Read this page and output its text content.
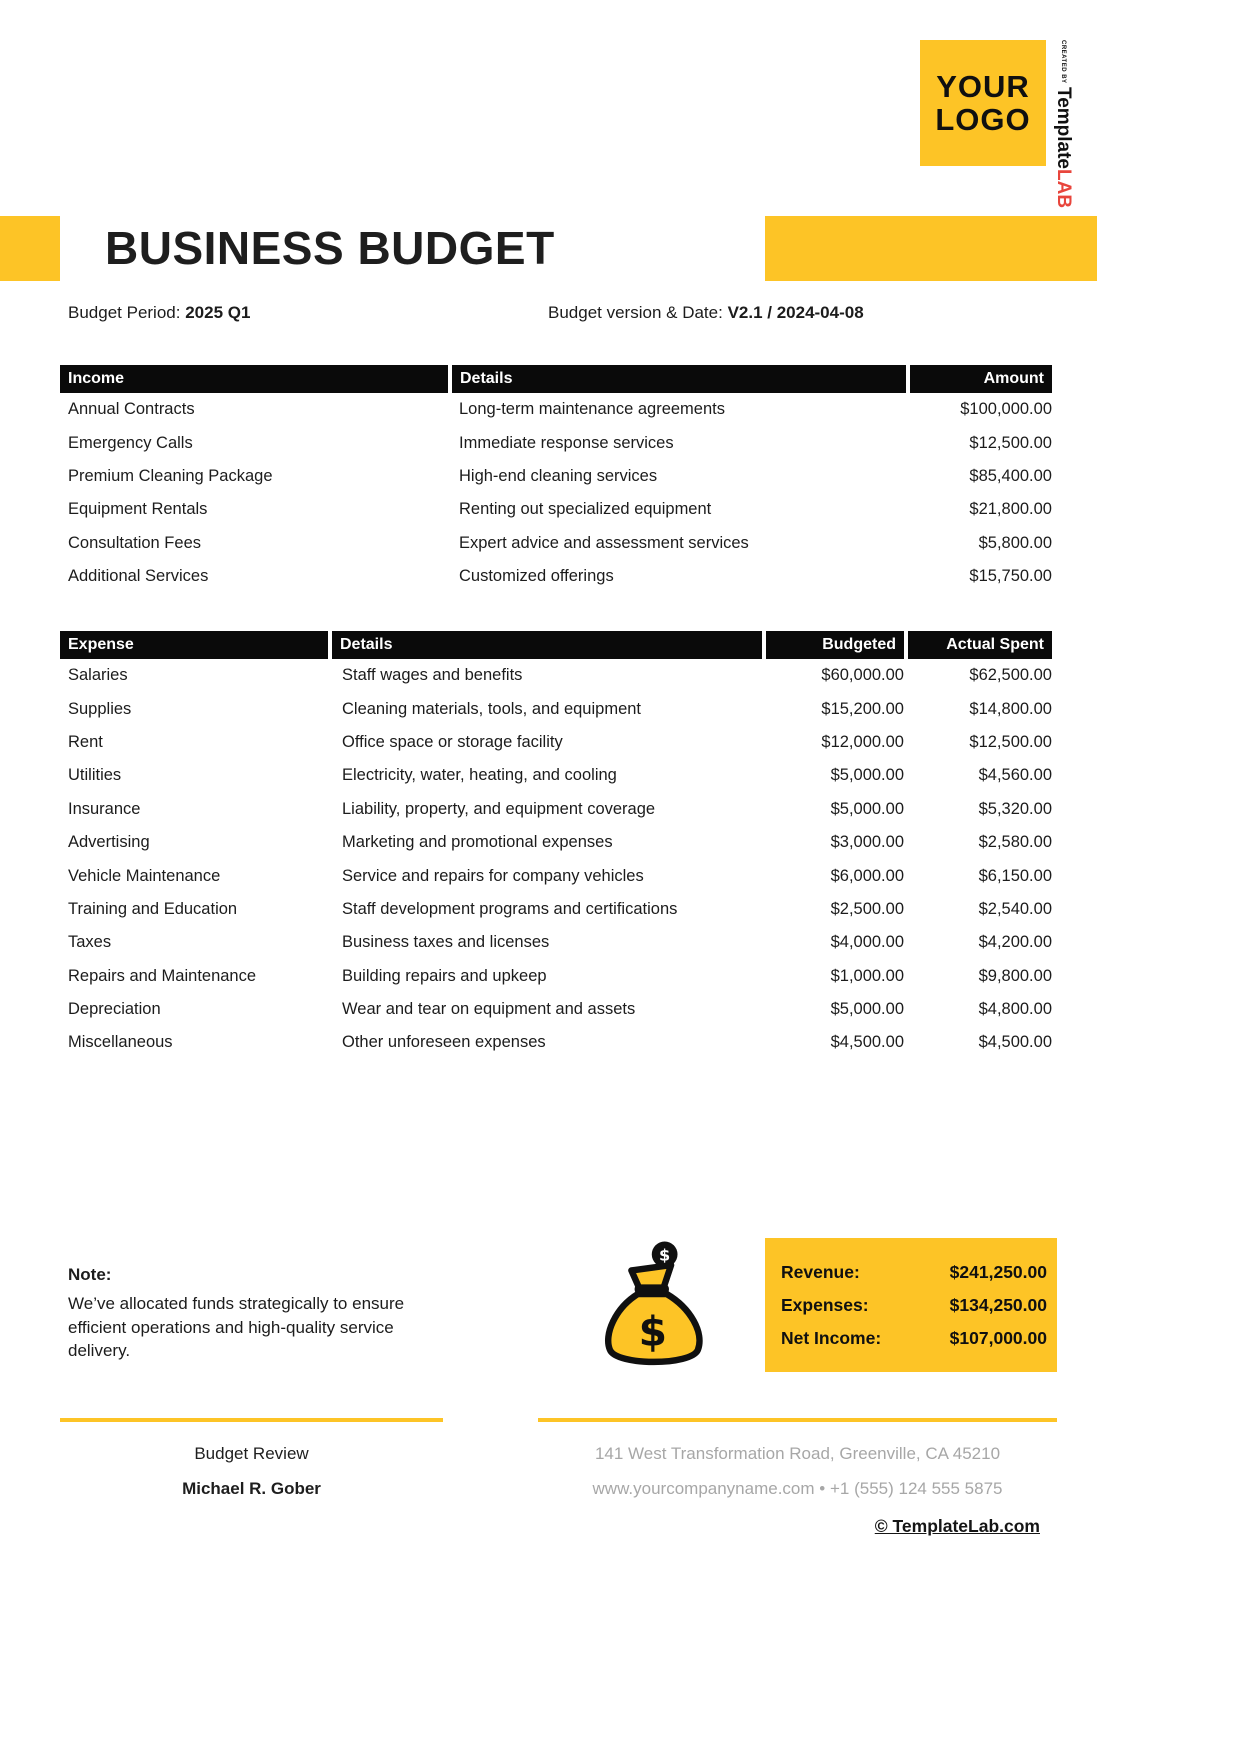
YOUR
LOGO
CREATED BY
Template
LAB
BUSINESS BUDGET
Budget Period: 2025 Q1	Budget version & Date: V2.1 / 2024-04-08
Income	Details	Amount
Annual Contracts	Long-term maintenance agreements	$100,000.00
Emergency Calls	Immediate response services	$12,500.00
Premium Cleaning Package	High-end cleaning services	$85,400.00
Equipment Rentals	Renting out specialized equipment	$21,800.00
Consultation Fees	Expert advice and assessment services	$5,800.00
Additional Services	Customized offerings	$15,750.00
Expense	Details	Budgeted	Actual Spent
Salaries	Staff wages and benefits	$60,000.00	$62,500.00
Supplies	Cleaning materials, tools, and equipment	$15,200.00	$14,800.00
Rent	Office space or storage facility	$12,000.00	$12,500.00
Utilities	Electricity, water, heating, and cooling	$5,000.00	$4,560.00
Insurance	Liability, property, and equipment coverage	$5,000.00	$5,320.00
Advertising	Marketing and promotional expenses	$3,000.00	$2,580.00
Vehicle Maintenance	Service and repairs for company vehicles	$6,000.00	$6,150.00
Training and Education	Staff development programs and certifications	$2,500.00	$2,540.00
Taxes	Business taxes and licenses	$4,000.00	$4,200.00
Repairs and Maintenance	Building repairs and upkeep	$1,000.00	$9,800.00
Depreciation	Wear and tear on equipment and assets	$5,000.00	$4,800.00
Miscellaneous	Other unforeseen expenses	$4,500.00	$4,500.00
Note:
We’ve allocated funds strategically to ensure efficient operations and high-quality service delivery.
$
$
Revenue:	$241,250.00
Expenses:	$134,250.00
Net Income:	$107,000.00
Budget Review
Michael R. Gober
141 West Transformation Road, Greenville, CA 45210
www.yourcompanyname.com • +1 (555) 124 555 5875
© TemplateLab.com
